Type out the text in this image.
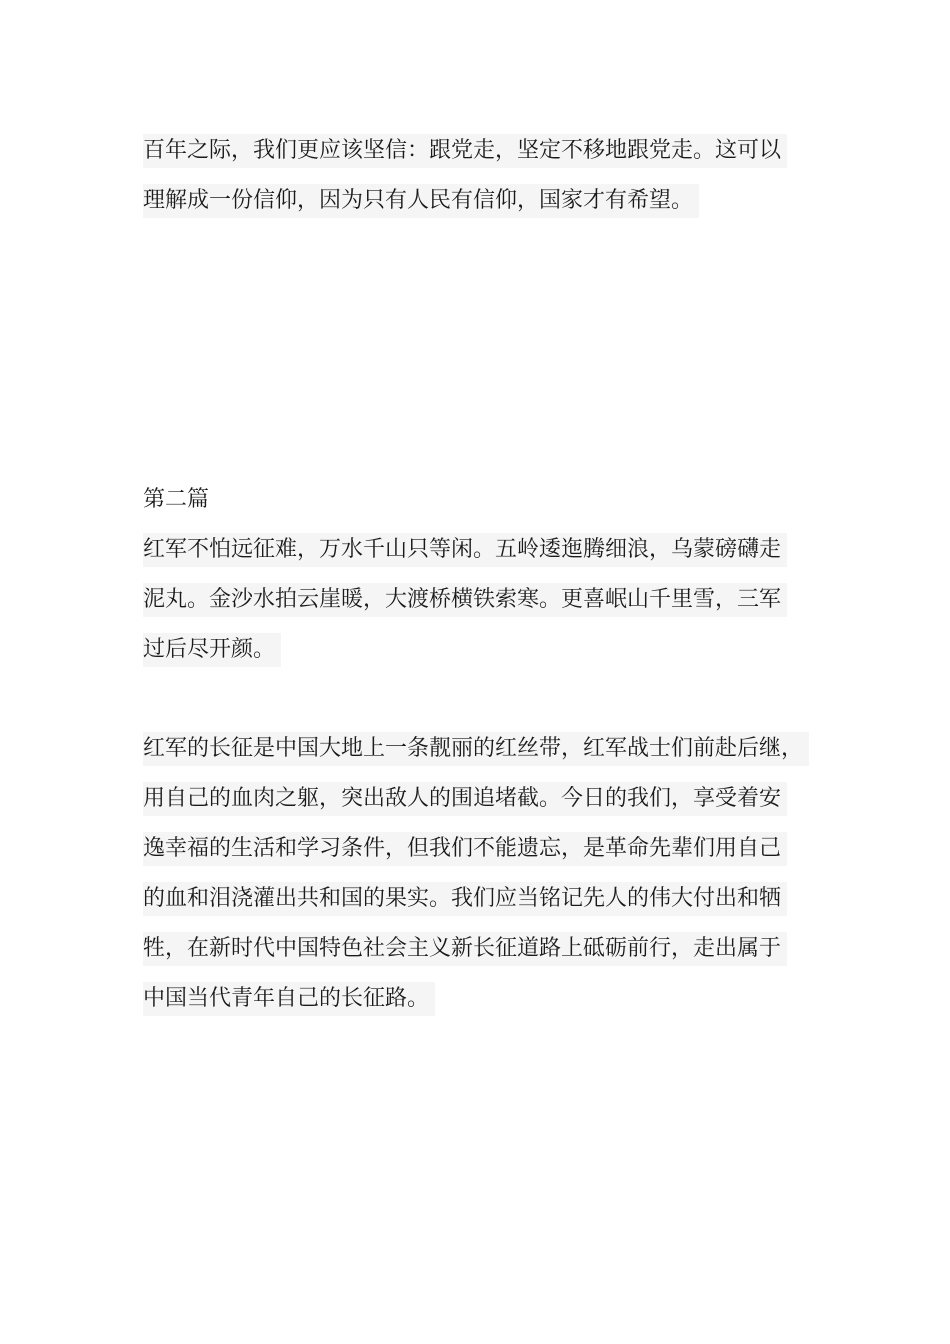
百年之际，我们更应该坚信：跟党走，坚定不移地跟党走。这可以
理解成一份信仰，因为只有人民有信仰，国家才有希望。
第二篇
红军不怕远征难，万水千山只等闲。五岭逶迤腾细浪，乌蒙磅礴走
泥丸。金沙水拍云崖暖，大渡桥横铁索寒。更喜岷山千里雪，三军
过后尽开颜。
红军的长征是中国大地上一条靓丽的红丝带，红军战士们前赴后继，
用自己的血肉之躯，突出敌人的围追堵截。今日的我们，享受着安
逸幸福的生活和学习条件，但我们不能遗忘，是革命先辈们用自己
的血和泪浇灌出共和国的果实。我们应当铭记先人的伟大付出和牺
牲，在新时代中国特色社会主义新长征道路上砥砺前行，走出属于
中国当代青年自己的长征路。
